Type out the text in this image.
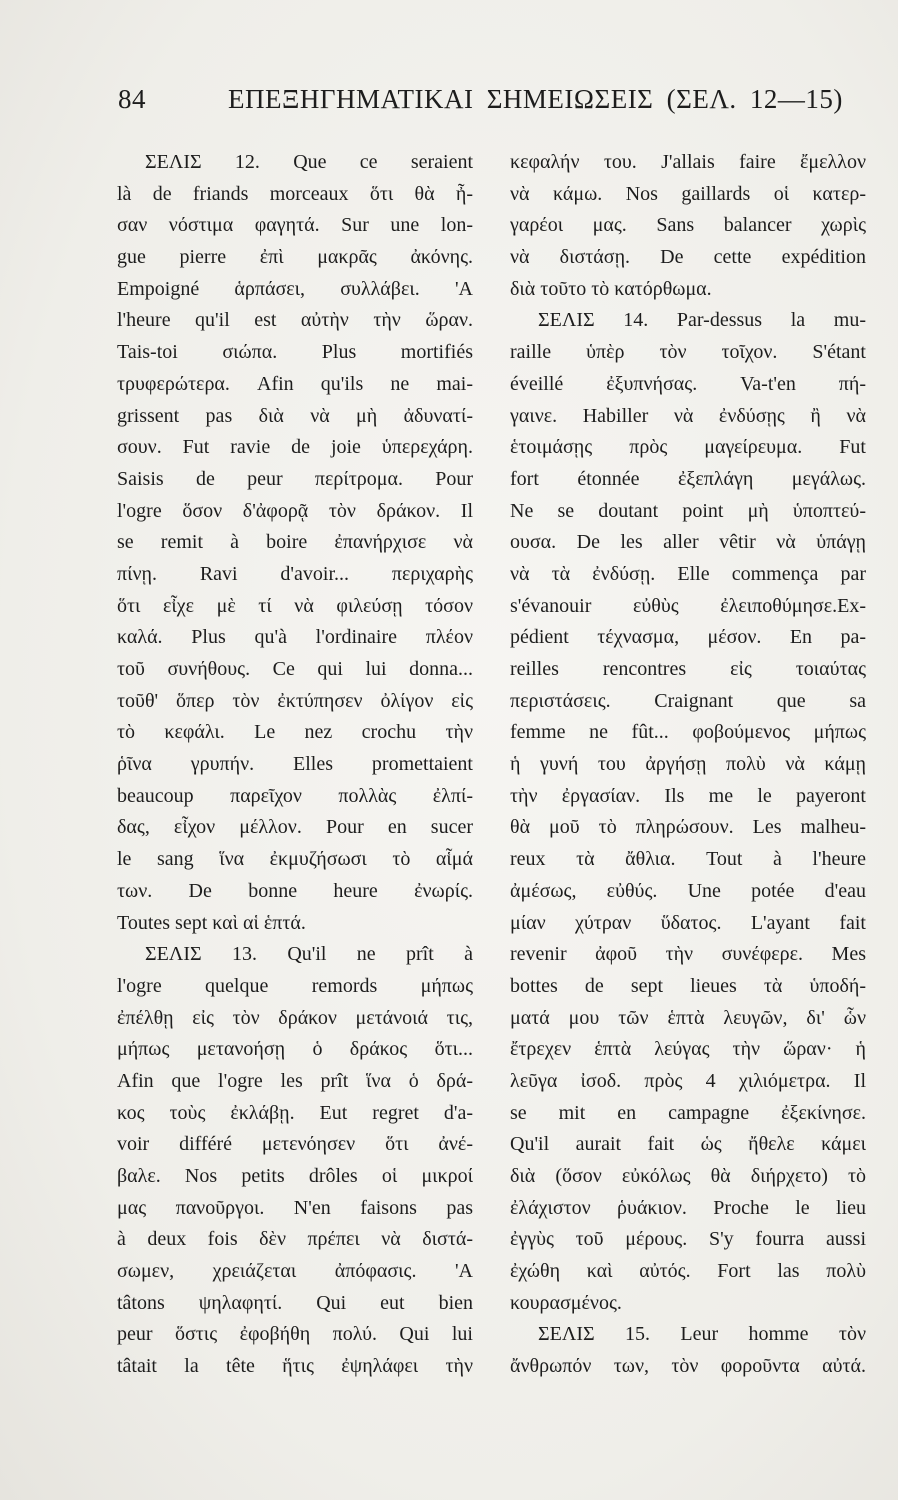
84	ΕΠΕΞΗΓΗΜΑΤΙΚΑΙ ΣΗΜΕΙΩΣΕΙΣ (ΣΕΛ. 12—15)
ΣΕΛΙΣ 12. Que ce seraient
là de friands morceaux ὅτι θὰ ἦ-
σαν νόστιμα φαγητά. Sur une lon-
gue pierre ἐπὶ μακρᾶς ἀκόνης.
Empoigné ἁρπάσει, συλλάβει. 'A
l'heure qu'il est αὐτὴν τὴν ὥραν.
Tais-toi σιώπα. Plus mortifiés
τρυφερώτερα. Afin qu'ils ne mai-
grissent pas διὰ νὰ μὴ ἀδυνατί-
σουν. Fut ravie de joie ὑπερεχάρη.
Saisis de peur περίτρομα. Pour
l'ogre ὅσον δ'ἀφορᾷ τὸν δράκον. Il
se remit à boire ἐπανήρχισε νὰ
πίνῃ. Ravi d'avoir... περιχαρὴς
ὅτι εἶχε μὲ τί νὰ φιλεύσῃ τόσον
καλά. Plus qu'à l'ordinaire πλέον
τοῦ συνήθους. Ce qui lui donna...
τοῦθ' ὅπερ τὸν ἐκτύπησεν ὀλίγον εἰς
τὸ κεφάλι. Le nez crochu τὴν
ῥῖνα γρυπήν. Elles promettaient
beaucoup παρεῖχον πολλὰς ἐλπί-
δας, εἶχον μέλλον. Pour en sucer
le sang ἵνα ἐκμυζήσωσι τὸ αἷμά
των. De bonne heure ἐνωρίς.
Toutes sept καὶ αἱ ἑπτά.
ΣΕΛΙΣ 13. Qu'il ne prît à
l'ogre quelque remords μήπως
ἐπέλθῃ εἰς τὸν δράκον μετάνοιά τις,
μήπως μετανοήσῃ ὁ δράκος ὅτι...
Afin que l'ogre les prît ἵνα ὁ δρά-
κος τοὺς ἐκλάβῃ. Eut regret d'a-
voir différé μετενόησεν ὅτι ἀνέ-
βαλε. Nos petits drôles οἱ μικροί
μας πανοῦργοι. N'en faisons pas
à deux fois δὲν πρέπει νὰ διστά-
σωμεν, χρειάζεται ἀπόφασις. 'A
tâtons ψηλαφητί. Qui eut bien
peur ὅστις ἐφοβήθη πολύ. Qui lui
tâtait la tête ἥτις ἐψηλάφει τὴν
κεφαλήν του. J'allais faire ἔμελλον
νὰ κάμω. Nos gaillards οἱ κατερ-
γαρέοι μας. Sans balancer χωρὶς
νὰ διστάσῃ. De cette expédition
διὰ τοῦτο τὸ κατόρθωμα.
ΣΕΛΙΣ 14. Par-dessus la mu-
raille ὑπὲρ τὸν τοῖχον. S'étant
éveillé ἐξυπνήσας. Va-t'en πή-
γαινε. Habiller νὰ ἐνδύσῃς ἢ νὰ
ἑτοιμάσῃς πρὸς μαγείρευμα. Fut
fort étonnée ἐξεπλάγη μεγάλως.
Ne se doutant point μὴ ὑποπτεύ-
ουσα. De les aller vêtir νὰ ὑπάγῃ
νὰ τὰ ἐνδύσῃ. Elle commença par
s'évanouir εὐθὺς ἐλειποθύμησε.Ex-
pédient τέχνασμα, μέσον. En pa-
reilles rencontres εἰς τοιαύτας
περιστάσεις. Craignant que sa
femme ne fût... φοβούμενος μήπως
ἡ γυνή του ἀργήσῃ πολὺ νὰ κάμῃ
τὴν ἐργασίαν. Ils me le payeront
θὰ μοῦ τὸ πληρώσουν. Les malheu-
reux τὰ ἄθλια. Tout à l'heure
ἀμέσως, εὐθύς. Une potée d'eau
μίαν χύτραν ὕδατος. L'ayant fait
revenir ἀφοῦ τὴν συνέφερε. Mes
bottes de sept lieues τὰ ὑποδή-
ματά μου τῶν ἑπτὰ λευγῶν, δι' ὧν
ἔτρεχεν ἑπτὰ λεύγας τὴν ὥραν· ἡ
λεῦγα ἰσοδ. πρὸς 4 χιλιόμετρα. Il
se mit en campagne ἐξεκίνησε.
Qu'il aurait fait ὡς ἤθελε κάμει
διὰ (ὅσον εὐκόλως θὰ διήρχετο) τὸ
ἐλάχιστον ῥυάκιον. Proche le lieu
ἐγγὺς τοῦ μέρους. S'y fourra aussi
ἐχώθη καὶ αὐτός. Fort las πολὺ
κουρασμένος.
ΣΕΛΙΣ 15. Leur homme τὸν
ἄνθρωπόν των, τὸν φοροῦντα αὐτά.
